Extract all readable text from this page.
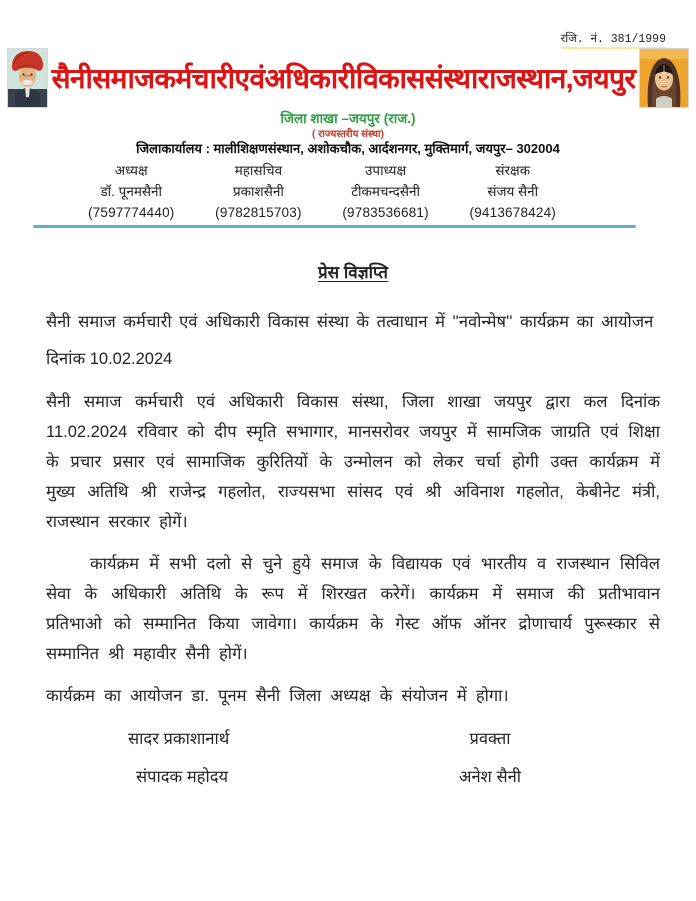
रजि. नं. 381/1999
सैनीसमाजकर्मचारीएवंअधिकारीविकाससंस्थाराजस्थान,जयपुर
जिला शाखा –जयपुर (राज.)
( राज्यस्तरीय संस्था)
जिलाकार्यालय : मालीशिक्षणसंस्थान, अशोकचौक, आर्दशनगर, मुक्तिमार्ग, जयपुर– 302004
अध्यक्ष
डॉ. पूनमसैनी
(7597774440)
महासचिव
प्रकाशसैनी
(9782815703)
उपाध्यक्ष
टीकमचन्दसैनी
(9783536681)
संरक्षक
संजय सैनी
(9413678424)
प्रेस विज्ञप्ति
सैनी समाज कर्मचारी एवं अधिकारी विकास संस्था के तत्वाधान में ''नवोन्मेष'' कार्यक्रम का आयोजन
दिनांक 10.02.2024

सैनी समाज कर्मचारी एवं अधिकारी विकास संस्था, जिला शाखा जयपुर द्वारा कल दिनांक 11.02.2024 रविवार को दीप स्मृति सभागार, मानसरोवर जयपुर में सामजिक जाग्रति एवं शिक्षा के प्रचार प्रसार एवं सामाजिक कुरितियों के उन्मोलन को लेकर चर्चा होगी उक्त कार्यक्रम में मुख्य अतिथि श्री राजेन्द्र गहलोत, राज्यसभा सांसद एवं श्री अविनाश गहलोत, केबीनेट मंत्री, राजस्थान सरकार होगें।

कार्यक्रम में सभी दलो से चुने हुये समाज के विद्यायक एवं भारतीय व राजस्थान सिविल सेवा के अधिकारी अतिथि के रूप में शिरखत करेगें। कार्यक्रम में समाज की प्रतीभावान प्रतिभाओ को सम्मानित किया जावेगा। कार्यक्रम के गेस्ट ऑफ ऑनर द्रोणाचार्य पुरूस्कार से सम्मानित श्री महावीर सैनी होगें।

कार्यक्रम का आयोजन डा. पूनम सैनी जिला अध्यक्ष के संयोजन में होगा।

सादर प्रकाशानार्थ	प्रवक्ता
संपादक महोदय	अनेश सैनी
